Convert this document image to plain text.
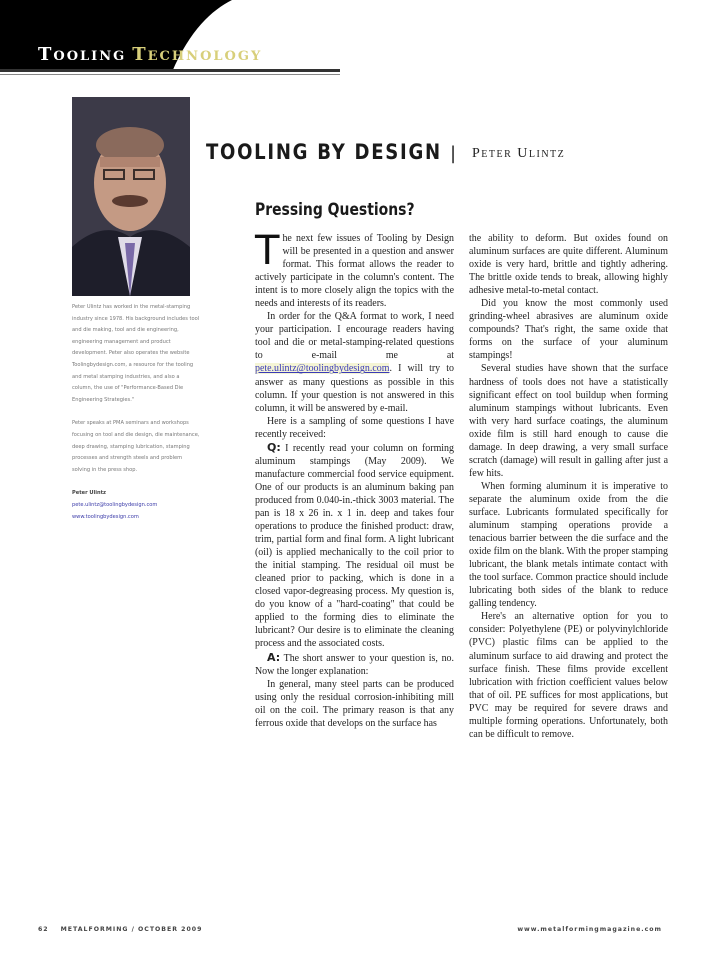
Tooling Technology
TOOLING BY DESIGN | Peter Ulintz
Pressing Questions?

Peter Ulintz has worked in the metal-stamping industry since 1978. His background includes tool and die making, tool and die engineering, engineering management and product development. Peter also operates the website Toolingbydesign.com, a resource for the tooling and metal stamping industries, and also a column, the use of "Performance-Based Die Engineering Strategies."

Peter speaks at PMA seminars and workshops focusing on tool and die design, die maintenance, deep drawing, stamping lubrication, stamping processes and strength steels and problem solving in the press shop.

Peter Ulintz
pete.ulintz@toolingbydesign.com
www.toolingbydesign.com

The next few issues of Tooling by Design will be presented in a question and answer format. This format allows the reader to actively participate in the column's content. The intent is to more closely align the topics with the needs and interests of its readers.

In order for the Q&A format to work, I need your participation. I encourage readers having tool and die or metal-stamping-related questions to e-mail me at pete.ulintz@toolingbydesign.com. I will try to answer as many questions as possible in this column. If your question is not answered in this column, it will be answered by e-mail.

Here is a sampling of some questions I have recently received:

Q: I recently read your column on forming aluminum stampings (May 2009). We manufacture commercial food service equipment. One of our products is an aluminum baking pan produced from 0.040-in.-thick 3003 material. The pan is 18 x 26 in. x 1 in. deep and takes four operations to produce the finished product: draw, trim, partial form and final form. A light lubricant (oil) is applied mechanically to the coil prior to the initial stamping. The residual oil must be cleaned prior to packing, which is done in a closed vapor-degreasing process. My question is, do you know of a "hard-coating" that could be applied to the forming dies to eliminate the lubricant? Our desire is to eliminate the cleaning process and the associated costs.

A: The short answer to your question is, no. Now the longer explanation:

In general, many steel parts can be produced using only the residual corrosion-inhibiting mill oil on the coil. The primary reason is that any ferrous oxide that develops on the surface has

the ability to deform. But oxides found on aluminum surfaces are quite different. Aluminum oxide is very hard, brittle and tightly adhering. The brittle oxide tends to break, allowing highly adhesive metal-to-metal contact.

Did you know the most commonly used grinding-wheel abrasives are aluminum oxide compounds? That's right, the same oxide that forms on the surface of your aluminum stampings!

Several studies have shown that the surface hardness of tools does not have a statistically significant effect on tool buildup when forming aluminum stampings without lubricants. Even with very hard surface coatings, the aluminum oxide film is still hard enough to cause die damage. In deep drawing, a very small surface scratch (damage) will result in galling after just a few hits.

When forming aluminum it is imperative to separate the aluminum oxide from the die surface. Lubricants formulated specifically for aluminum stamping operations provide a tenacious barrier between the die surface and the oxide film on the blank. With the proper stamping lubricant, the blank metals intimate contact with the tool surface. Common practice should include lubricating both sides of the blank to reduce galling tendency.

Here's an alternative option for you to consider: Polyethylene (PE) or polyvinylchloride (PVC) plastic films can be applied to the aluminum surface to aid drawing and protect the surface finish. These films provide excellent lubrication with friction coefficient values below that of oil. PE suffices for most applications, but PVC may be required for severe draws and multiple forming operations. Unfortunately, both can be difficult to remove.

62 METALFORMING / OCTOBER 2009	www.metalformingmagazine.com
